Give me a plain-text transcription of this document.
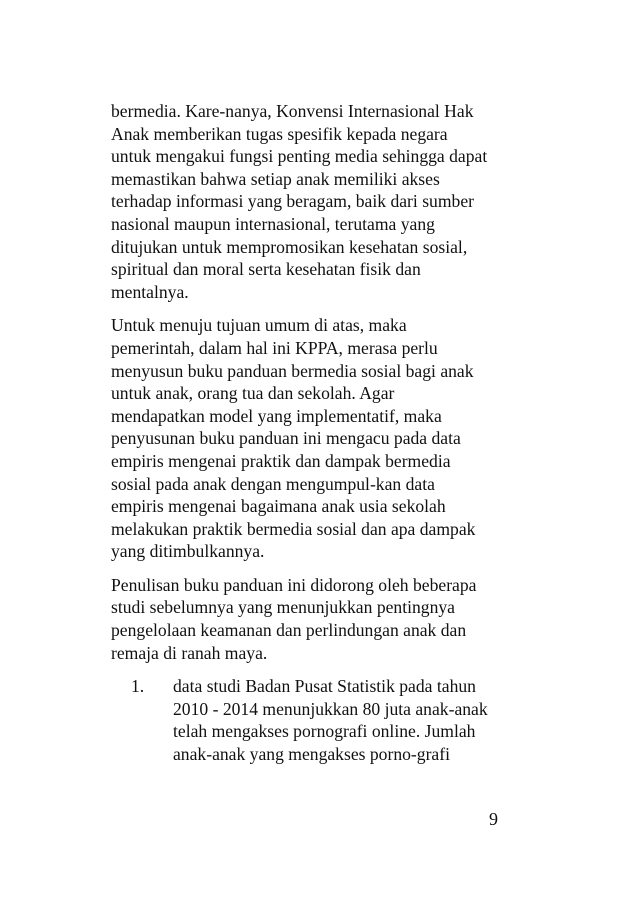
bermedia. Kare-nanya, Konvensi Internasional Hak
Anak memberikan tugas spesifik kepada negara
untuk mengakui fungsi penting media sehingga dapat
memastikan bahwa setiap anak memiliki akses
terhadap informasi yang beragam, baik dari sumber
nasional maupun internasional, terutama yang
ditujukan untuk mempromosikan kesehatan sosial,
spiritual dan moral serta kesehatan fisik dan
mentalnya.
Untuk menuju tujuan umum di atas, maka
pemerintah, dalam hal ini KPPA, merasa perlu
menyusun buku panduan bermedia sosial bagi anak
untuk anak, orang tua dan sekolah. Agar
mendapatkan model yang implementatif, maka
penyusunan buku panduan ini mengacu pada data
empiris mengenai praktik dan dampak bermedia
sosial pada anak dengan mengumpul-kan data
empiris mengenai bagaimana anak usia sekolah
melakukan praktik bermedia sosial dan apa dampak
yang ditimbulkannya.
Penulisan buku panduan ini didorong oleh beberapa
studi sebelumnya yang menunjukkan pentingnya
pengelolaan keamanan dan perlindungan anak dan
remaja di ranah maya.
1.	data studi Badan Pusat Statistik pada tahun
2010 - 2014 menunjukkan 80 juta anak-anak
telah mengakses pornografi online. Jumlah
anak-anak yang mengakses porno-grafi
9
